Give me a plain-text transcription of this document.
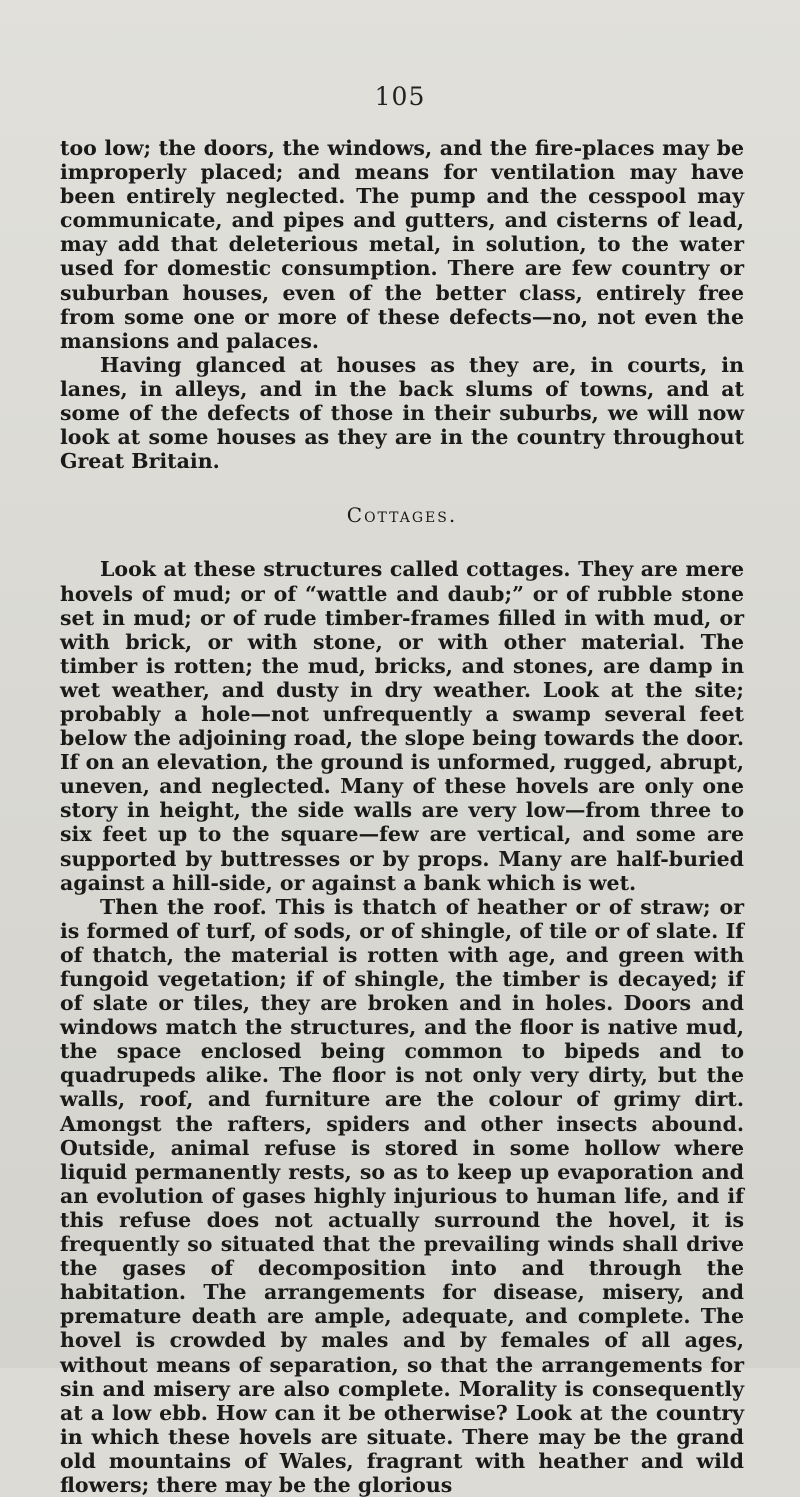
105

too low; the doors, the windows, and the fire-places may be improperly placed; and means for ventilation may have been entirely neglected. The pump and the cesspool may communicate, and pipes and gutters, and cisterns of lead, may add that deleterious metal, in solution, to the water used for domestic consumption. There are few country or suburban houses, even of the better class, entirely free from some one or more of these defects—no, not even the mansions and palaces.

Having glanced at houses as they are, in courts, in lanes, in alleys, and in the back slums of towns, and at some of the defects of those in their suburbs, we will now look at some houses as they are in the country throughout Great Britain.

Cottages.

Look at these structures called cottages. They are mere hovels of mud; or of “wattle and daub;” or of rubble stone set in mud; or of rude timber-frames filled in with mud, or with brick, or with stone, or with other material. The timber is rotten; the mud, bricks, and stones, are damp in wet weather, and dusty in dry weather. Look at the site; probably a hole—not unfrequently a swamp several feet below the adjoining road, the slope being towards the door. If on an elevation, the ground is unformed, rugged, abrupt, uneven, and neglected. Many of these hovels are only one story in height, the side walls are very low—from three to six feet up to the square—few are vertical, and some are supported by buttresses or by props. Many are half-buried against a hill-side, or against a bank which is wet.

Then the roof. This is thatch of heather or of straw; or is formed of turf, of sods, or of shingle, of tile or of slate. If of thatch, the material is rotten with age, and green with fungoid vegetation; if of shingle, the timber is decayed; if of slate or tiles, they are broken and in holes. Doors and windows match the structures, and the floor is native mud, the space enclosed being common to bipeds and to quadrupeds alike. The floor is not only very dirty, but the walls, roof, and furniture are the colour of grimy dirt. Amongst the rafters, spiders and other insects abound. Outside, animal refuse is stored in some hollow where liquid permanently rests, so as to keep up evaporation and an evolution of gases highly injurious to human life, and if this refuse does not actually surround the hovel, it is frequently so situated that the prevailing winds shall drive the gases of decomposition into and through the habitation. The arrangements for disease, misery, and premature death are ample, adequate, and complete. The hovel is crowded by males and by females of all ages, without means of separation, so that the arrangements for sin and misery are also complete. Morality is consequently at a low ebb. How can it be otherwise? Look at the country in which these hovels are situate. There may be the grand old mountains of Wales, fragrant with heather and wild flowers; there may be the glorious
